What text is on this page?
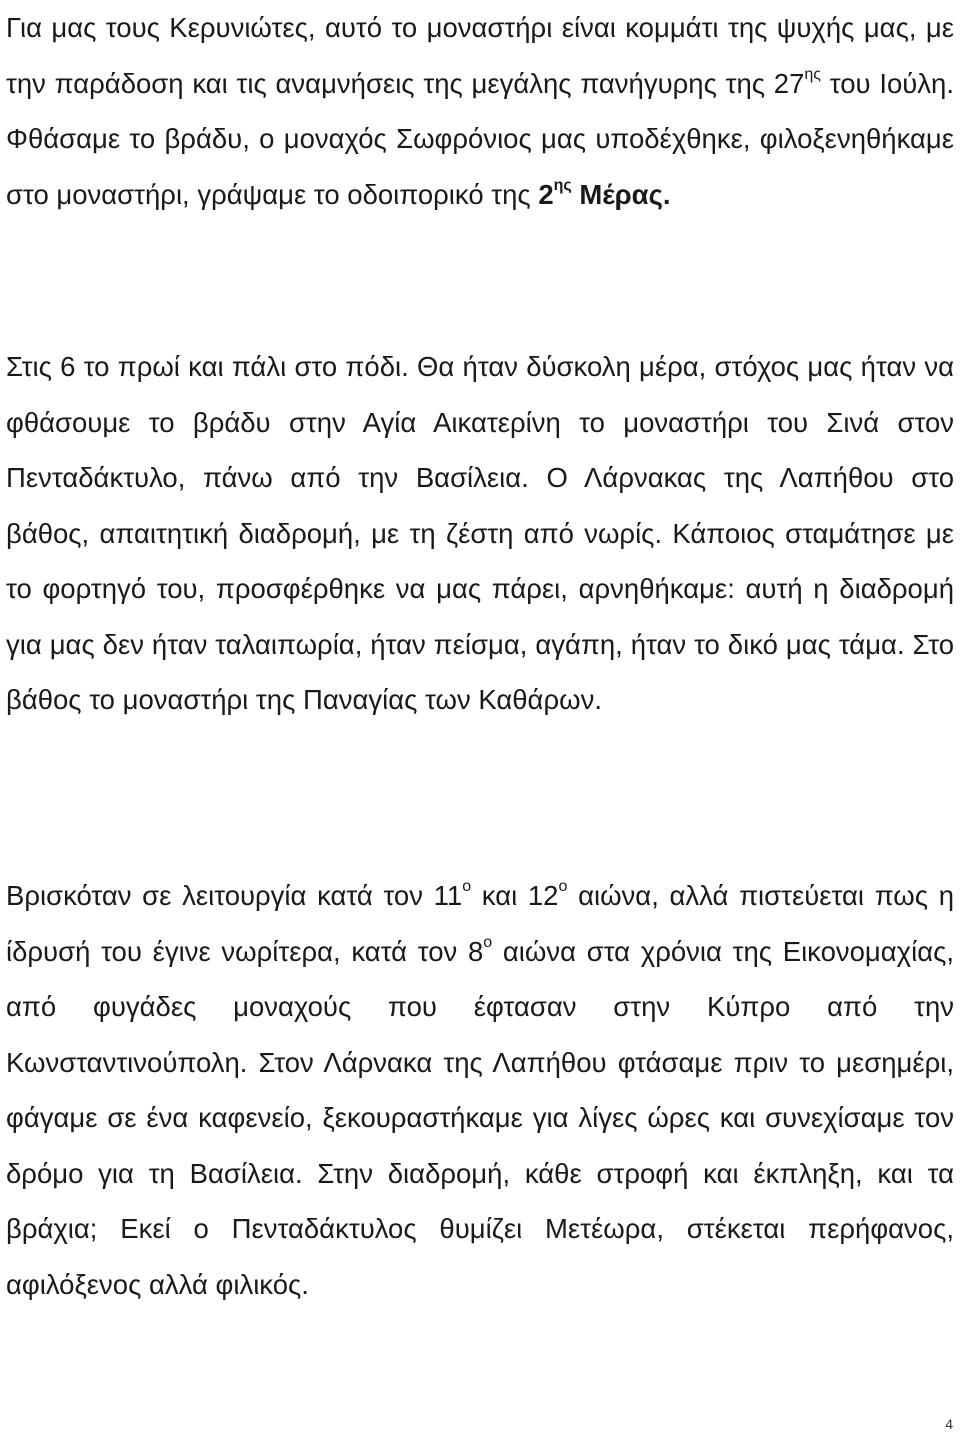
Για μας τους Κερυνιώτες, αυτό το μοναστήρι είναι κομμάτι της ψυχής μας, με την παράδοση και τις αναμνήσεις της μεγάλης πανήγυρης της $27^{\eta\varsigma}$ του Ιούλη. Φθάσαμε το βράδυ, ο μοναχός Σωφρόνιος μας υποδέχθηκε, φιλοξενηθήκαμε στο μοναστήρι, γράψαμε το οδοιπορικό της $2^{\eta\varsigma}$ Μέρας.

Στις 6 το πρωί και πάλι στο πόδι. Θα ήταν δύσκολη μέρα, στόχος μας ήταν να φθάσουμε το βράδυ στην Αγία Αικατερίνη το μοναστήρι του Σινά στον Πενταδάκτυλο, πάνω από την Βασίλεια. Ο Λάρνακας της Λαπήθου στο βάθος, απαιτητική διαδρομή, με τη ζέστη από νωρίς. Κάποιος σταμάτησε με το φορτηγό του, προσφέρθηκε να μας πάρει, αρνηθήκαμε: αυτή η διαδρομή για μας δεν ήταν ταλαιπωρία, ήταν πείσμα, αγάπη, ήταν το δικό μας τάμα. Στο βάθος το μοναστήρι της Παναγίας των Καθάρων.

Βρισκόταν σε λειτουργία κατά τον $11^o$ και $12^o$ αιώνα, αλλά πιστεύεται πως η ίδρυσή του έγινε νωρίτερα, κατά τον $8^o$ αιώνα στα χρόνια της Εικονομαχίας, από φυγάδες μοναχούς που έφτασαν στην Κύπρο από την Κωνσταντινούπολη. Στον Λάρνακα της Λαπήθου φτάσαμε πριν το μεσημέρι, φάγαμε σε ένα καφενείο, ξεκουραστήκαμε για λίγες ώρες και συνεχίσαμε τον δρόμο για τη Βασίλεια. Στην διαδρομή, κάθε στροφή και έκπληξη, και τα βράχια; Εκεί ο Πενταδάκτυλος θυμίζει Μετέωρα, στέκεται περήφανος, αφιλόξενος αλλά φιλικός.

4
